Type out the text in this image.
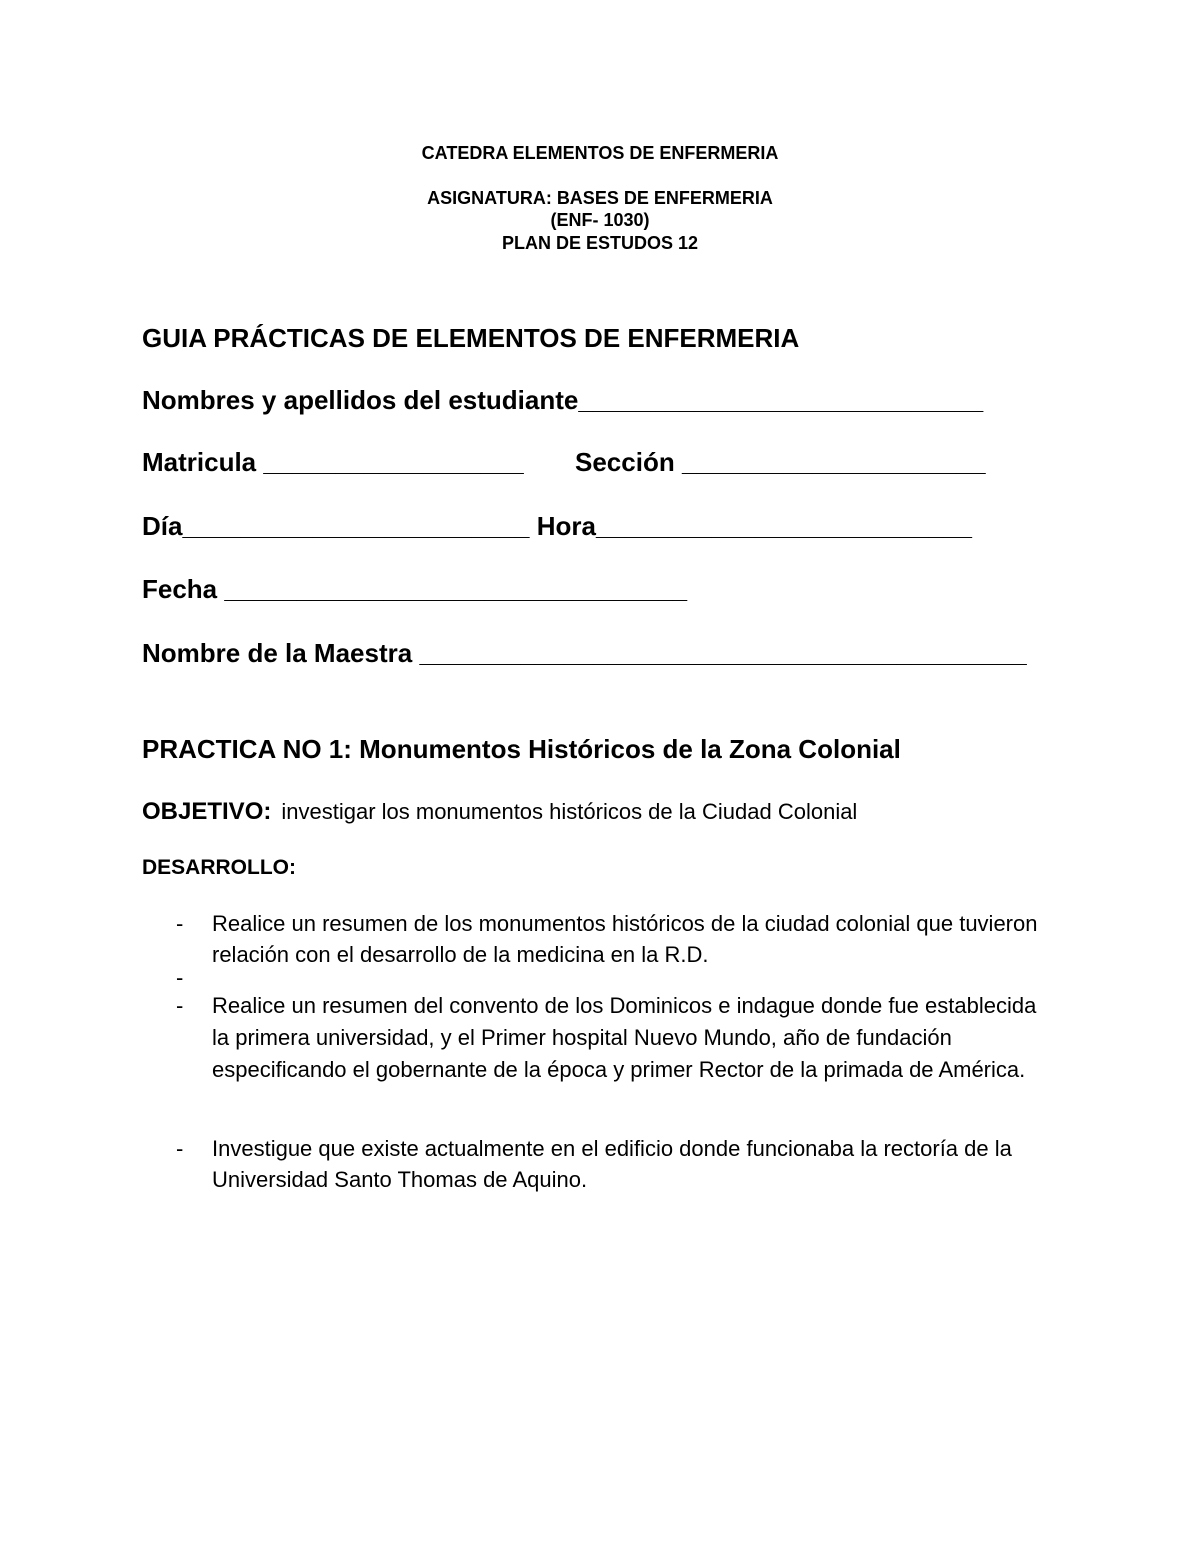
CATEDRA ELEMENTOS DE ENFERMERIA
ASIGNATURA: BASES DE ENFERMERIA
(ENF- 1030)
PLAN DE ESTUDOS 12
GUIA PRÁCTICAS DE ELEMENTOS DE ENFERMERIA
Nombres y apellidos del estudiante____________________________
Matricula __________________ Sección _____________________
Día________________________ Hora__________________________
Fecha ________________________________
Nombre de la Maestra __________________________________________
PRACTICA NO 1: Monumentos Históricos de la Zona Colonial
OBJETIVO: investigar los monumentos históricos de la Ciudad Colonial
DESARROLLO:
- Realice un resumen de los monumentos históricos de la ciudad colonial que tuvieron relación con el desarrollo de la medicina en la R.D.
-
- Realice un resumen del convento de los Dominicos e indague donde fue establecida la primera universidad, y el Primer hospital Nuevo Mundo, año de fundación especificando el gobernante de la época y primer Rector de la primada de América.
- Investigue que existe actualmente en el edificio donde funcionaba la rectoría de la Universidad Santo Thomas de Aquino.
